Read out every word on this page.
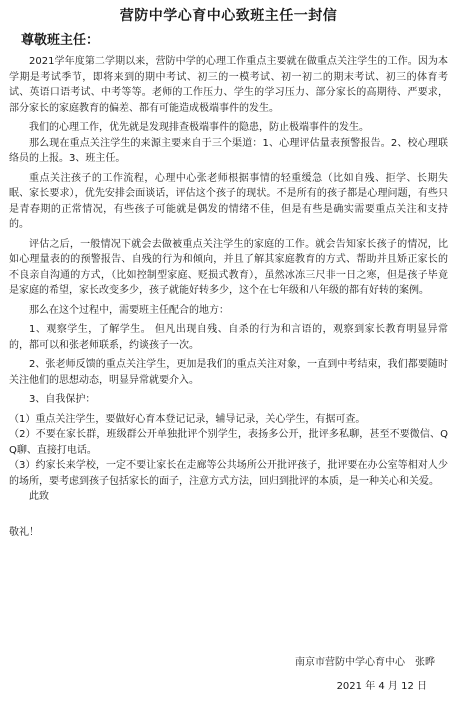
营防中学心育中心致班主任一封信
尊敬班主任：

2021学年度第二学期以来，营防中学的心理工作重点主要就在做重点关注学生的工作。因为本学期是考试季节，即将来到的期中考试、初三的一模考试、初一初二的期末考试、初三的体育考试、英语口语考试、中考等等。老师的工作压力、学生的学习压力、部分家长的高期待、严要求，部分家长的家庭教育的偏差、都有可能造成极端事件的发生。

我们的心理工作，优先就是发现排查极端事件的隐患，防止极端事件的发生。

那么现在重点关注学生的来源主要来自于三个渠道：1、心理评估量表预警报告。2、校心理联络员的上报。3、班主任。

重点关注孩子的工作流程，心理中心张老师根据事情的轻重缓急（比如自残、拒学、长期失眠、家长要求），优先安排会面谈话，评估这个孩子的现状。不是所有的孩子都是心理问题，有些只是青春期的正常情况，有些孩子可能就是偶发的情绪不佳，但是有些是确实需要重点关注和支持的。

评估之后，一般情况下就会去做被重点关注学生的家庭的工作。就会告知家长孩子的情况，比如心理量表的的预警报告、自残的行为和倾向，并且了解其家庭教育的方式、帮助并且矫正家长的不良亲自沟通的方式，（比如控制型家庭、贬损式教育），虽然冰冻三尺非一日之寒，但是孩子毕竟是家庭的希望，家长改变多少，孩子就能好转多少，这个在七年级和八年级的都有好转的案例。

那么在这个过程中，需要班主任配合的地方：

1、观察学生，了解学生。 但凡出现自残、自杀的行为和言语的，观察到家长教育明显异常的，都可以和张老师联系，约谈孩子一次。

2、张老师反馈的重点关注学生，更加是我们的重点关注对象，一直到中考结束，我们都要随时关注他们的思想动态，明显异常就要介入。

3、自我保护：

（1）重点关注学生，要做好心育本登记记录，辅导记录，关心学生，有据可查。

（2）不要在家长群，班级群公开单独批评个别学生，表扬多公开，批评多私聊，甚至不要微信、QQ聊、直接打电话。

（3）约家长来学校，一定不要让家长在走廊等公共场所公开批评孩子，批评要在办公室等相对人少的场所，要考虑到孩子包括家长的面子，注意方式方法，回归到批评的本质，是一种关心和关爱。

此致

敬礼！
南京市营防中学心育中心　张晔
2021 年 4 月 12 日
